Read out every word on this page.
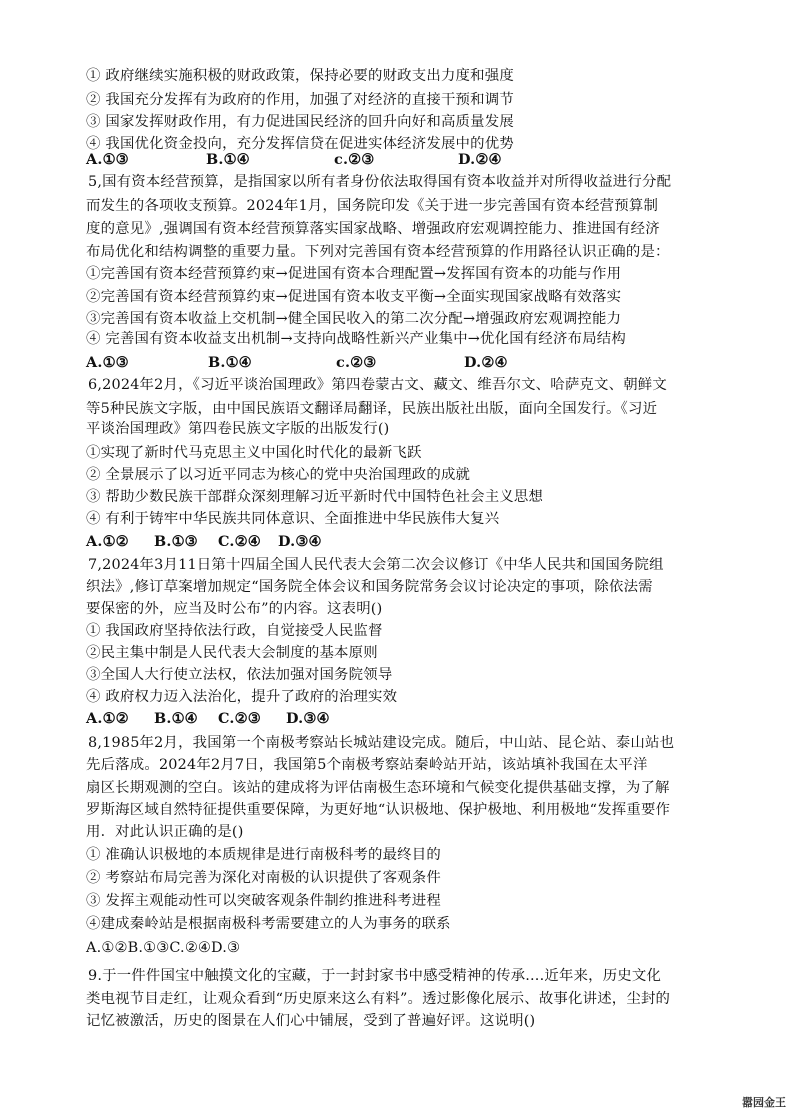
① 政府继续实施积极的财政政策，保持必要的财政支出力度和强度
② 我国充分发挥有为政府的作用，加强了对经济的直接干预和调节
③ 国家发挥财政作用，有力促进国民经济的回升向好和高质量发展
④ 我国优化资金投向，充分发挥信贷在促进实体经济发展中的优势
A.①③	B.①④	c.②③	D.②④
5,国有资本经营预算，是指国家以所有者身份依法取得国有资本收益并对所得收益进行分配
而发生的各项收支预算。2024年1月，国务院印发《关于进一步完善国有资本经营预算制
度的意见》,强调国有资本经营预算落实国家战略、增强政府宏观调控能力、推进国有经济
布局优化和结构调整的重要力量。下列对完善国有资本经营预算的作用路径认识正确的是：
①完善国有资本经营预算约束→促进国有资本合理配置→发挥国有资本的功能与作用
②完善国有资本经营预算约束→促进国有资本收支平衡→全面实现国家战略有效落实
③完善国有资本收益上交机制→健全国民收入的第二次分配→增强政府宏观调控能力
④ 完善国有资本收益支出机制→支持向战略性新兴产业集中→优化国有经济布局结构
A.①③	B.①④	c.②③	D.②④
6,2024年2月，《习近平谈治国理政》第四卷蒙古文、藏文、维吾尔文、哈萨克文、朝鲜文
等5种民族文字版，由中国民族语文翻译局翻译，民族出版社出版，面向全国发行。《习近
平谈治国理政》第四卷民族文字版的出版发行()
①实现了新时代马克思主义中国化时代化的最新飞跃
② 全景展示了以习近平同志为核心的党中央治国理政的成就
③ 帮助少数民族干部群众深刻理解习近平新时代中国特色社会主义思想
④ 有利于铸牢中华民族共同体意识、全面推进中华民族伟大复兴
A.①② B.①③ C.②④ D.③④
7,2024年3月11日第十四届全国人民代表大会第二次会议修订《中华人民共和国国务院组
织法》,修订草案增加规定“国务院全体会议和国务院常务会议讨论决定的事项，除依法需
要保密的外，应当及时公布”的内容。这表明()
① 我国政府坚持依法行政，自觉接受人民监督
②民主集中制是人民代表大会制度的基本原则
③全国人大行使立法权，依法加强对国务院领导
④ 政府权力迈入法治化，提升了政府的治理实效
A.①② B.①④ C.②③ D.③④
8,1985年2月，我国第一个南极考察站长城站建设完成。随后，中山站、昆仑站、泰山站也
先后落成。2024年2月7日，我国第5个南极考察站秦岭站开站，该站填补我国在太平洋
扇区长期观测的空白。该站的建成将为评估南极生态环境和气候变化提供基础支撑，为了解
罗斯海区域自然特征提供重要保障，为更好地“认识极地、保护极地、利用极地“发挥重要作
用．对此认识正确的是()
① 准确认识极地的本质规律是进行南极科考的最终目的
② 考察站布局完善为深化对南极的认识提供了客观条件
③ 发挥主观能动性可以突破客观条件制约推进科考进程
④建成秦岭站是根据南极科考需要建立的人为事务的联系
A.①②B.①③C.②④D.③
9.于一件件国宝中触摸文化的宝藏，于一封封家书中感受精神的传承....近年来，历史文化
类电视节目走红，让观众看到“历史原来这么有料”。透过影像化展示、故事化讲述，尘封的
记忆被激活，历史的图景在人们心中铺展，受到了普遍好评。这说明()
嚣园金王
